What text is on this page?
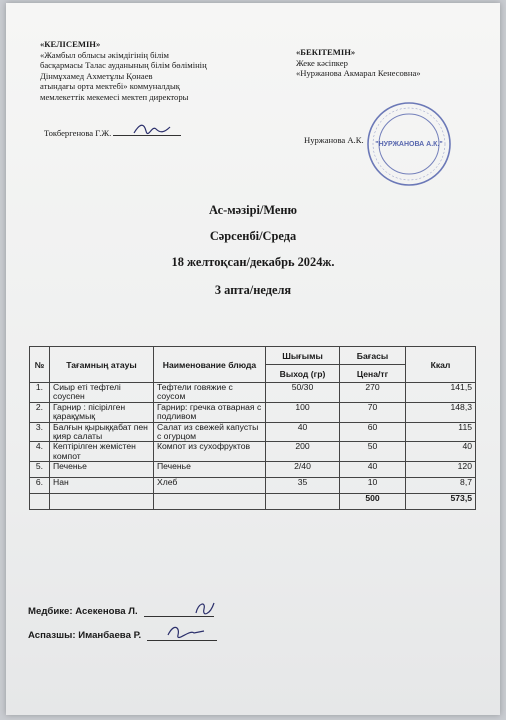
«КЕЛІСЕМІН»
«Жамбыл облысы әкімдігінің білім
басқармасы Талас ауданының білім бөлімінің
Дінмұхамед Ахметұлы Қонаев
атындағы орта мектебі» коммуналдық
мемлекеттік мекемесі мектеп директоры
Токбергенова Г.Ж.
«БЕКІТЕМІН»
Жеке кәсіпкер
«Нуржанова Акмарал Кенесовна»
Нуржанова А.К. "НУРЖАНОВА А.К."
Ас-мәзірі/Меню
Сәрсенбі/Среда
18 желтоқсан/декабрь 2024ж.
3 апта/неделя
№	Тағамның атауы	Наименование блюда	Шығымы	Бағасы	Ккал
			Выход (гр)	Цена/тг	
1.	Сиыр еті тефтелі соуспен	Тефтели говяжие с соусом	50/30	270	141,5
2.	Гарнир : пісірілген қарақұмық	Гарнир: гречка отварная с подливом	100	70	148,3
3.	Балғын қырыққабат пен қияр салаты	Салат из свежей капусты с огурцом	40	60	115
4.	Кептірілген жемістен компот	Компот из сухофруктов	200	50	40
5.	Печенье	Печенье	2/40	40	120
6.	Нан	Хлеб	35	10	8,7
				500	573,5
Медбике: Асекенова Л.
Аспазшы: Иманбаева Р.
